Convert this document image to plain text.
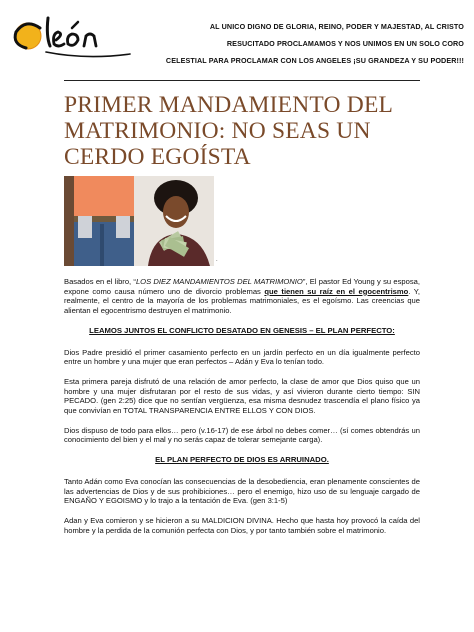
AL UNICO DIGNO DE GLORIA, REINO, PODER Y MAJESTAD, AL CRISTO
RESUCITADO PROCLAMAMOS Y NOS UNIMOS EN UN SOLO CORO
CELESTIAL PARA PROCLAMAR CON LOS ANGELES ¡SU GRANDEZA Y SU PODER!!!
PRIMER MANDAMIENTO DEL MATRIMONIO: NO SEAS UN CERDO EGOÍSTA
.

Basados en el libro, “LOS DIEZ MANDAMIENTOS DEL MATRIMONIO”, El pastor Ed Young y su esposa, expone como causa número uno de divorcio problemas que tienen su raíz en el egocentrismo. Y, realmente, el centro de la mayoría de los problemas matrimoniales, es el egoísmo. Las creencias que alientan el egocentrismo destruyen el matrimonio.

LEAMOS JUNTOS EL CONFLICTO DESATADO EN GENESIS – EL PLAN PERFECTO:

Dios Padre presidió el primer casamiento perfecto en un jardín perfecto en un día igualmente perfecto entre un hombre y una mujer que eran perfectos – Adán y Eva lo tenían todo.

Esta primera pareja disfrutó de una relación de amor perfecto, la clase de amor que Dios quiso que un hombre y una mujer disfrutaran por el resto de sus vidas, y así vivieron durante cierto tiempo: SIN PECADO. (gen 2:25) dice que no sentían vergüenza, esa misma desnudez trascendía el plano físico ya que convivían en TOTAL TRANSPARENCIA ENTRE ELLOS Y CON DIOS.

Dios dispuso de todo para ellos… pero (v.16-17) de ese árbol no debes comer… (sí comes obtendrás un conocimiento del bien y el mal y no serás capaz de tolerar semejante carga).

EL PLAN PERFECTO DE DIOS ES ARRUINADO.

Tanto Adán como Eva conocían las consecuencias de la desobediencia, eran plenamente conscientes de las advertencias de Dios y de sus prohibiciones… pero el enemigo, hizo uso de su lenguaje cargado de ENGAÑO Y EGOISMO y lo trajo a la tentación de Eva. (gen 3:1-5)

Adan y Eva comieron y se hicieron a su MALDICION DIVINA. Hecho que hasta hoy provocó la caída del hombre y la perdida de la comunión perfecta con Dios, y por tanto también sobre el matrimonio.
